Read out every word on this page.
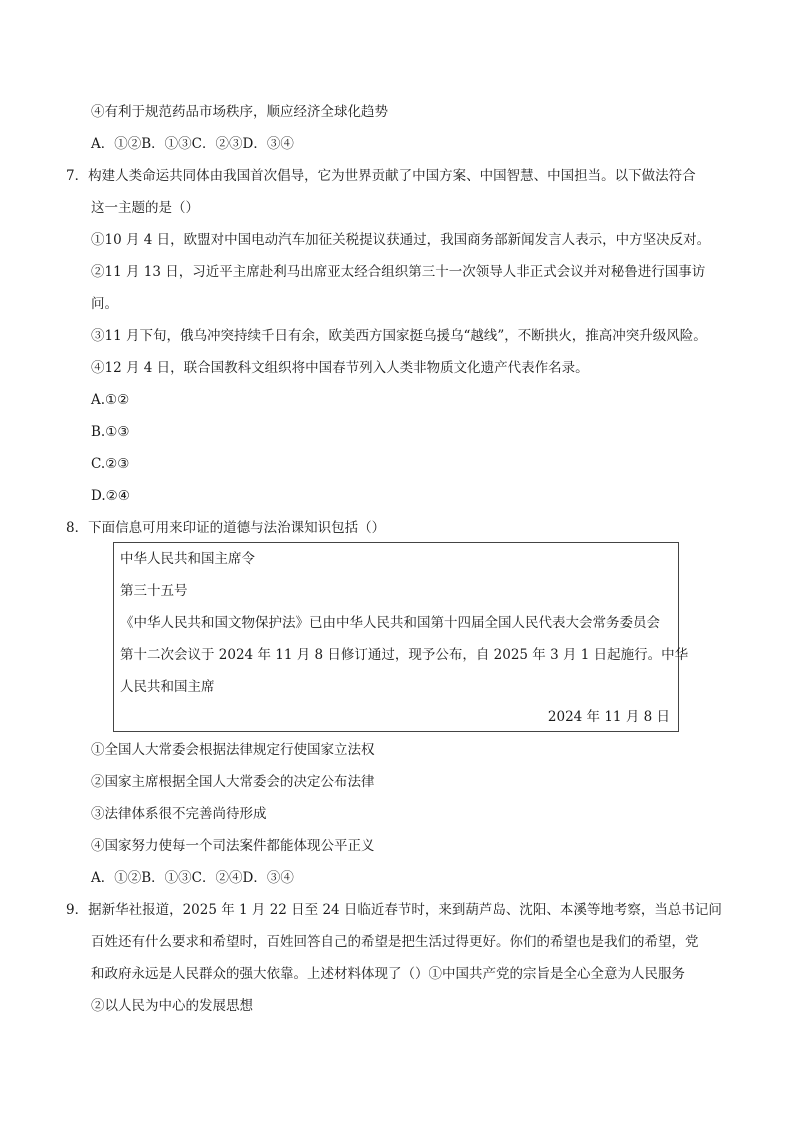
④有利于规范药品市场秩序，顺应经济全球化趋势
A．①②B．①③C．②③D．③④
7．构建人类命运共同体由我国首次倡导，它为世界贡献了中国方案、中国智慧、中国担当。以下做法符合
这一主题的是（）
①10 月 4 日，欧盟对中国电动汽车加征关税提议获通过，我国商务部新闻发言人表示，中方坚决反对。
②11 月 13 日，习近平主席赴利马出席亚太经合组织第三十一次领导人非正式会议并对秘鲁进行国事访
问。
③11 月下旬，俄乌冲突持续千日有余，欧美西方国家挺乌援乌“越线”，不断拱火，推高冲突升级风险。
④12 月 4 日，联合国教科文组织将中国春节列入人类非物质文化遗产代表作名录。
A.①②
B.①③
C.②③
D.②④
8．下面信息可用来印证的道德与法治课知识包括（）
中华人民共和国主席令
第三十五号
《中华人民共和国文物保护法》已由中华人民共和国第十四届全国人民代表大会常务委员会
第十二次会议于 2024 年 11 月 8 日修订通过，现予公布，自 2025 年 3 月 1 日起施行。中华
人民共和国主席
2024 年 11 月 8 日
①全国人大常委会根据法律规定行使国家立法权
②国家主席根据全国人大常委会的决定公布法律
③法律体系很不完善尚待形成
④国家努力使每一个司法案件都能体现公平正义
A．①②B．①③C．②④D．③④
9．据新华社报道，2025 年 1 月 22 日至 24 日临近春节时，来到葫芦岛、沈阳、本溪等地考察，当总书记问
百姓还有什么要求和希望时，百姓回答自己的希望是把生活过得更好。你们的希望也是我们的希望，党
和政府永远是人民群众的强大依靠。上述材料体现了（）①中国共产党的宗旨是全心全意为人民服务
②以人民为中心的发展思想
